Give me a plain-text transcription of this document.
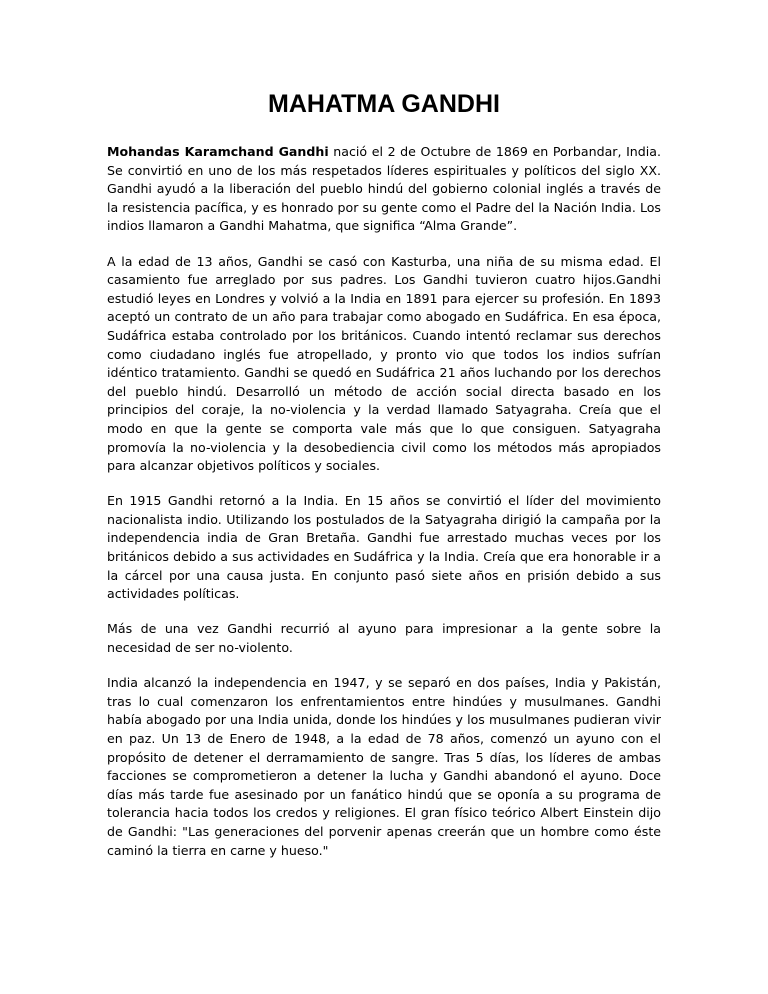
MAHATMA GANDHI

Mohandas Karamchand Gandhi nació el 2 de Octubre de 1869 en Porbandar, India. Se convirtió en uno de los más respetados líderes espirituales y políticos del siglo XX. Gandhi ayudó a la liberación del pueblo hindú del gobierno colonial inglés a través de la resistencia pacífica, y es honrado por su gente como el Padre del la Nación India. Los indios llamaron a Gandhi Mahatma, que significa “Alma Grande”.

A la edad de 13 años, Gandhi se casó con Kasturba, una niña de su misma edad. El casamiento fue arreglado por sus padres. Los Gandhi tuvieron cuatro hijos.Gandhi estudió leyes en Londres y volvió a la India en 1891 para ejercer su profesión. En 1893 aceptó un contrato de un año para trabajar como abogado en Sudáfrica. En esa época, Sudáfrica estaba controlado por los británicos. Cuando intentó reclamar sus derechos como ciudadano inglés fue atropellado, y pronto vio que todos los indios sufrían idéntico tratamiento. Gandhi se quedó en Sudáfrica 21 años luchando por los derechos del pueblo hindú. Desarrolló un método de acción social directa basado en los principios del coraje, la no-violencia y la verdad llamado Satyagraha. Creía que el modo en que la gente se comporta vale más que lo que consiguen. Satyagraha promovía la no-violencia y la desobediencia civil como los métodos más apropiados para alcanzar objetivos políticos y sociales.

En 1915 Gandhi retornó a la India. En 15 años se convirtió el líder del movimiento nacionalista indio. Utilizando los postulados de la Satyagraha dirigió la campaña por la independencia india de Gran Bretaña. Gandhi fue arrestado muchas veces por los británicos debido a sus actividades en Sudáfrica y la India. Creía que era honorable ir a la cárcel por una causa justa. En conjunto pasó siete años en prisión debido a sus actividades políticas.

Más de una vez Gandhi recurrió al ayuno para impresionar a la gente sobre la necesidad de ser no-violento.

India alcanzó la independencia en 1947, y se separó en dos países, India y Pakistán, tras lo cual comenzaron los enfrentamientos entre hindúes y musulmanes. Gandhi había abogado por una India unida, donde los hindúes y los musulmanes pudieran vivir en paz. Un 13 de Enero de 1948, a la edad de 78 años, comenzó un ayuno con el propósito de detener el derramamiento de sangre. Tras 5 días, los líderes de ambas facciones se comprometieron a detener la lucha y Gandhi abandonó el ayuno. Doce días más tarde fue asesinado por un fanático hindú que se oponía a su programa de tolerancia hacia todos los credos y religiones. El gran físico teórico Albert Einstein dijo de Gandhi: "Las generaciones del porvenir apenas creerán que un hombre como éste caminó la tierra en carne y hueso."
